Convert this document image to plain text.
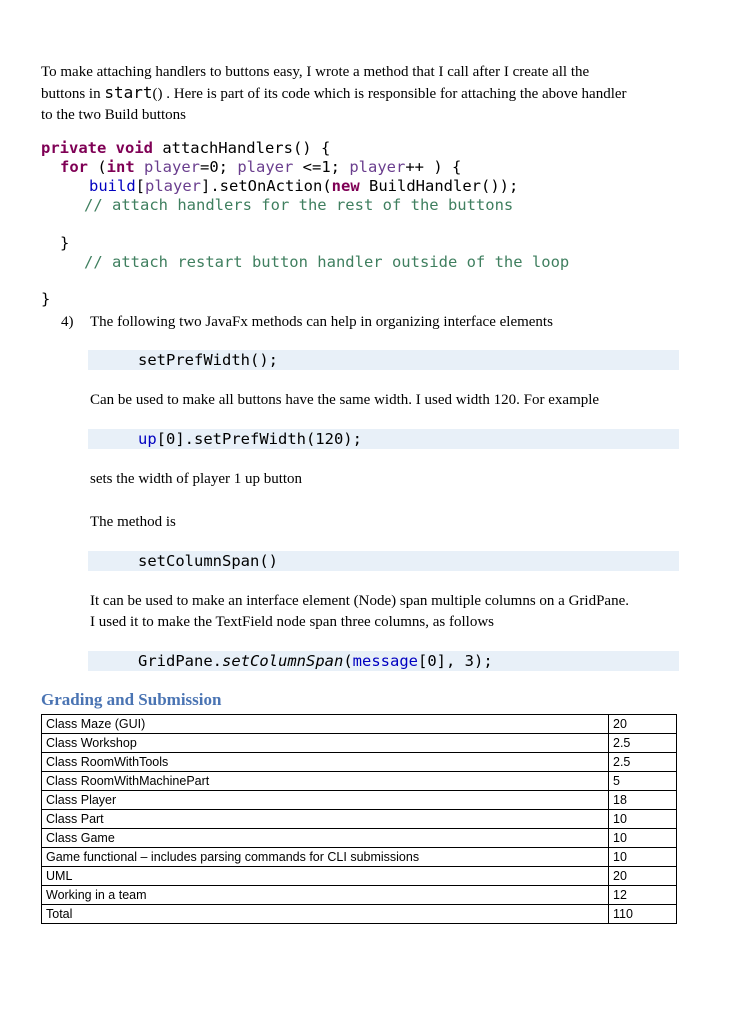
To make attaching handlers to buttons easy, I wrote a method that I call after I create all the
buttons in start() . Here is part of its code which is responsible for attaching the above handler
to the two Build buttons
private void attachHandlers() {
for (int player=0; player <=1; player++ ) {
build[player].setOnAction(new BuildHandler());
// attach handlers for the rest of the buttons
}
// attach restart button handler outside of the loop
}
4) The following two JavaFx methods can help in organizing interface elements
setPrefWidth();
Can be used to make all buttons have the same width. I used width 120. For example
up[0].setPrefWidth(120);
sets the width of player 1 up button
The method is
setColumnSpan()
It can be used to make an interface element (Node) span multiple columns on a GridPane.
I used it to make the TextField node span three columns, as follows
GridPane.setColumnSpan(message[0], 3);
Grading and Submission
Class Maze (GUI)	20
Class Workshop	2.5
Class RoomWithTools	2.5
Class RoomWithMachinePart	5
Class Player	18
Class Part	10
Class Game	10
Game functional – includes parsing commands for CLI submissions	10
UML	20
Working in a team	12
Total	110
